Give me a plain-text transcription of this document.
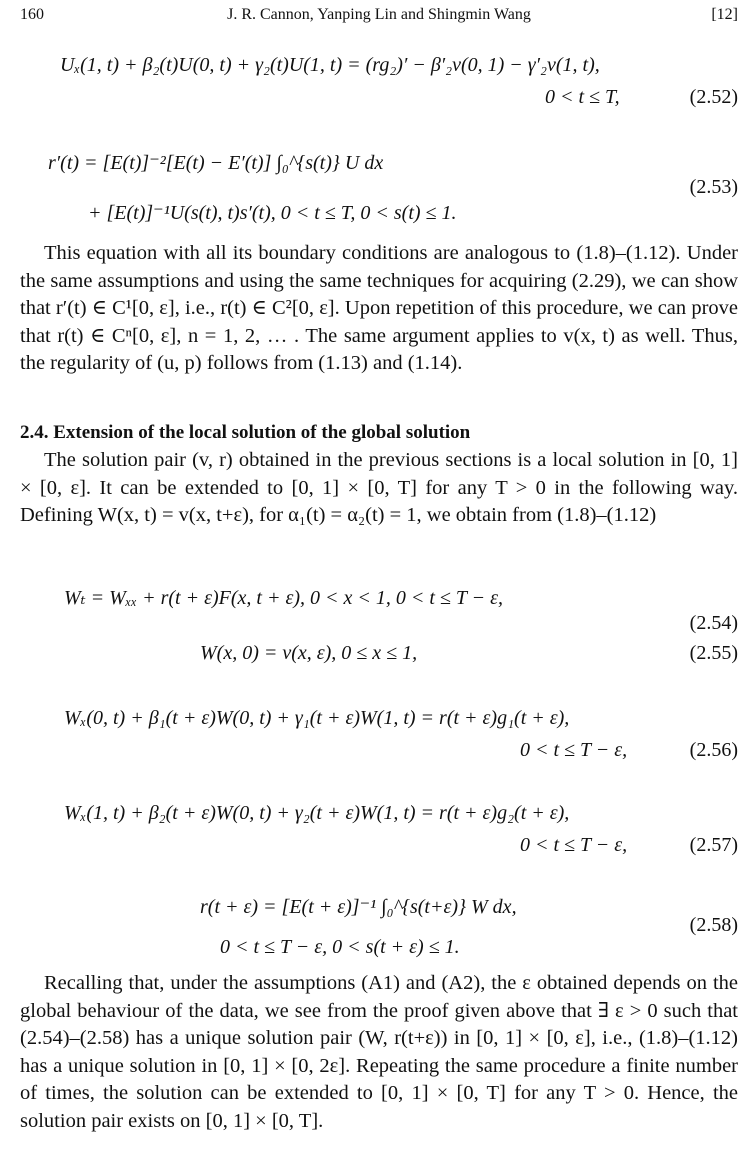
160	J. R. Cannon, Yanping Lin and Shingmin Wang	[12]
Uₓ(1, t) + β₂(t)U(0, t) + γ₂(t)U(1, t) = (rg₂)′ − β′₂v(0, 1) − γ′₂v(1, t),
0 < t ≤ T,	(2.52)
r′(t) = [E(t)]⁻²[E(t) − E′(t)] ∫₀^{s(t)} U dx
+ [E(t)]⁻¹U(s(t), t)s′(t), 0 < t ≤ T, 0 < s(t) ≤ 1.
(2.53)

This equation with all its boundary conditions are analogous to (1.8)–(1.12). Under the same assumptions and using the same techniques for acquiring (2.29), we can show that r′(t) ∈ C¹[0, ε], i.e., r(t) ∈ C²[0, ε]. Upon repetition of this procedure, we can prove that r(t) ∈ Cⁿ[0, ε], n = 1, 2, … . The same argument applies to v(x, t) as well. Thus, the regularity of (u, p) follows from (1.13) and (1.14).

2.4. Extension of the local solution of the global solution

The solution pair (v, r) obtained in the previous sections is a local solution in [0, 1] × [0, ε]. It can be extended to [0, 1] × [0, T] for any T > 0 in the following way. Defining W(x, t) = v(x, t+ε), for α₁(t) = α₂(t) = 1, we obtain from (1.8)–(1.12)

Wₜ = Wₓₓ + r(t + ε)F(x, t + ε), 0 < x < 1, 0 < t ≤ T − ε,
(2.54)
W(x, 0) = v(x, ε), 0 ≤ x ≤ 1,	(2.55)
Wₓ(0, t) + β₁(t + ε)W(0, t) + γ₁(t + ε)W(1, t) = r(t + ε)g₁(t + ε),
0 < t ≤ T − ε,	(2.56)
Wₓ(1, t) + β₂(t + ε)W(0, t) + γ₂(t + ε)W(1, t) = r(t + ε)g₂(t + ε),
0 < t ≤ T − ε,	(2.57)
r(t + ε) = [E(t + ε)]⁻¹ ∫₀^{s(t+ε)} W dx,
0 < t ≤ T − ε, 0 < s(t + ε) ≤ 1.
(2.58)

Recalling that, under the assumptions (A1) and (A2), the ε obtained depends on the global behaviour of the data, we see from the proof given above that ∃ ε > 0 such that (2.54)–(2.58) has a unique solution pair (W, r(t+ε)) in [0, 1] × [0, ε], i.e., (1.8)–(1.12) has a unique solution in [0, 1] × [0, 2ε]. Repeating the same procedure a finite number of times, the solution can be extended to [0, 1] × [0, T] for any T > 0. Hence, the solution pair exists on [0, 1] × [0, T].
